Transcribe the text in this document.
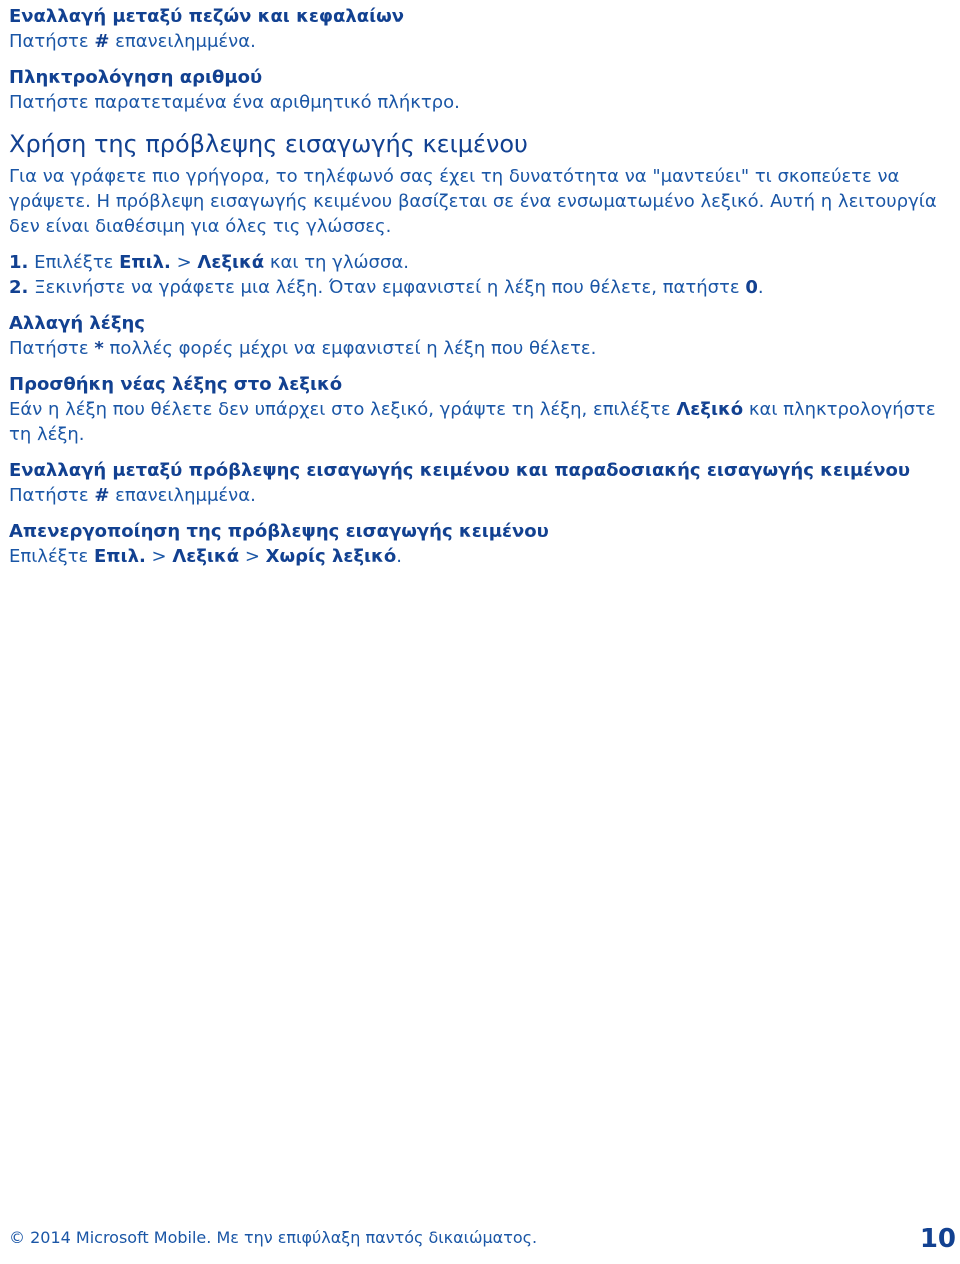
Εναλλαγή μεταξύ πεζών και κεφαλαίων

Πατήστε # επανειλημμένα.

Πληκτρολόγηση αριθμού

Πατήστε παρατεταμένα ένα αριθμητικό πλήκτρο.

Χρήση της πρόβλεψης εισαγωγής κειμένου

Για να γράφετε πιο γρήγορα, το τηλέφωνό σας έχει τη δυνατότητα να "μαντεύει" τι σκοπεύετε να γράψετε. Η πρόβλεψη εισαγωγής κειμένου βασίζεται σε ένα ενσωματωμένο λεξικό. Αυτή η λειτουργία δεν είναι διαθέσιμη για όλες τις γλώσσες.

1. Επιλέξτε Επιλ. > Λεξικά και τη γλώσσα.

2. Ξεκινήστε να γράφετε μια λέξη. Όταν εμφανιστεί η λέξη που θέλετε, πατήστε 0.

Αλλαγή λέξης

Πατήστε * πολλές φορές μέχρι να εμφανιστεί η λέξη που θέλετε.

Προσθήκη νέας λέξης στο λεξικό

Εάν η λέξη που θέλετε δεν υπάρχει στο λεξικό, γράψτε τη λέξη, επιλέξτε Λεξικό και πληκτρολογήστε τη λέξη.

Εναλλαγή μεταξύ πρόβλεψης εισαγωγής κειμένου και παραδοσιακής εισαγωγής κειμένου

Πατήστε # επανειλημμένα.

Απενεργοποίηση της πρόβλεψης εισαγωγής κειμένου

Επιλέξτε Επιλ. > Λεξικά > Χωρίς λεξικό.

© 2014 Microsoft Mobile. Με την επιφύλαξη παντός δικαιώματος.	10
